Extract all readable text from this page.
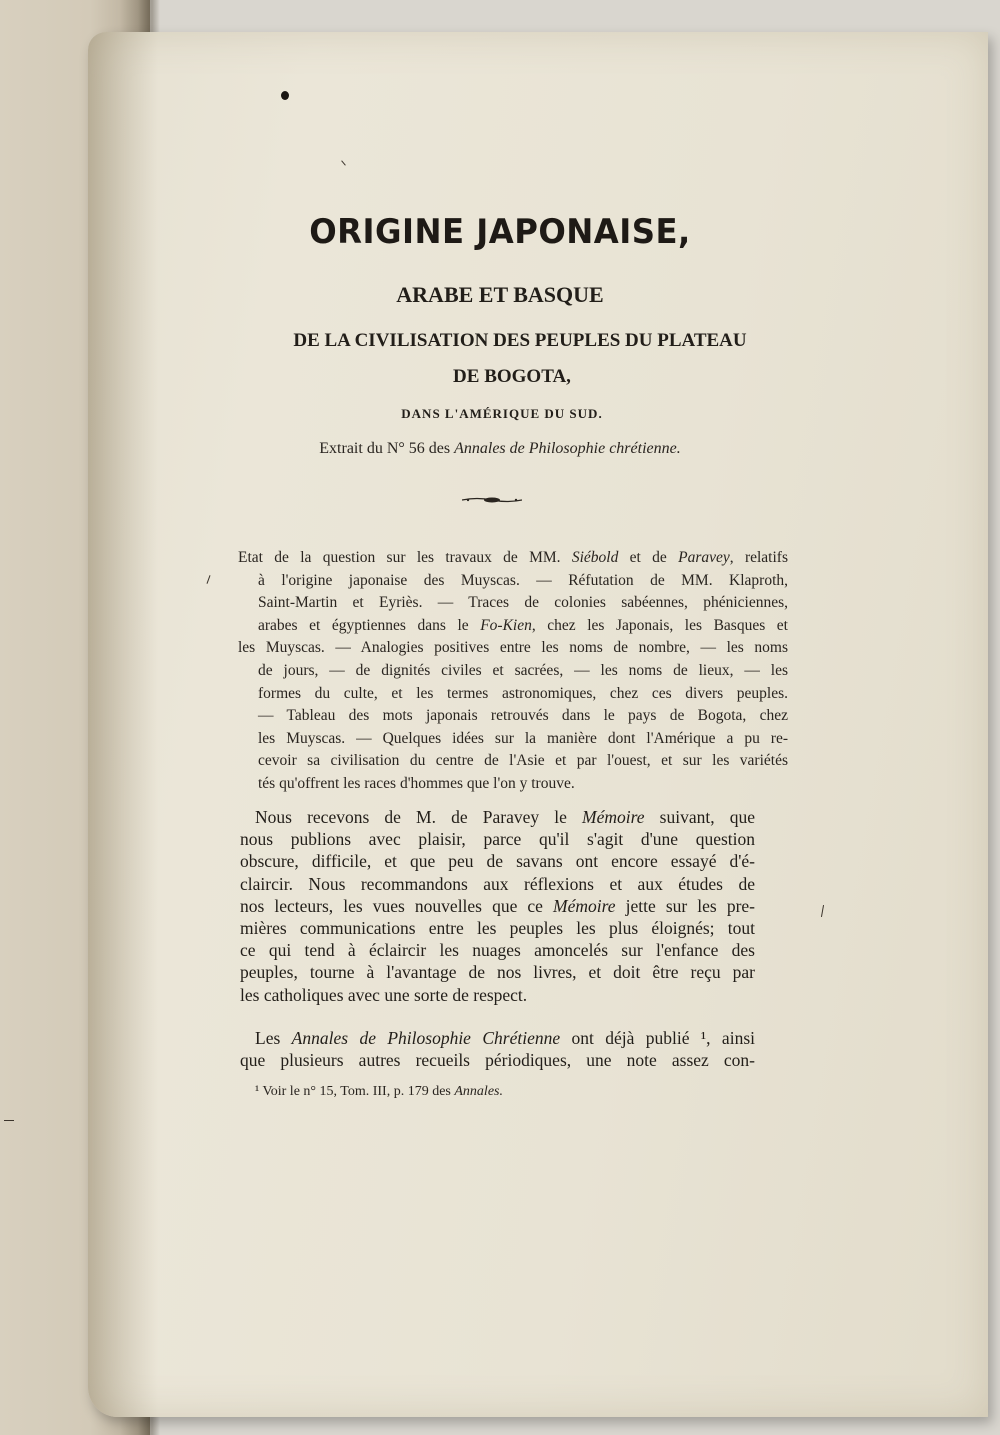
ORIGINE JAPONAISE,
ARABE ET BASQUE
DE LA CIVILISATION DES PEUPLES DU PLATEAU
DE BOGOTA,
DANS L'AMÉRIQUE DU SUD.
Extrait du N° 56 des Annales de Philosophie chrétienne.
Etat de la question sur les travaux de MM. Siébold et de Paravey, relatifs
à l'origine japonaise des Muyscas. — Réfutation de MM. Klaproth,
Saint-Martin et Eyriès. — Traces de colonies sabéennes, phéniciennes,
arabes et égyptiennes dans le Fo-Kien, chez les Japonais, les Basques et
les Muyscas. — Analogies positives entre les noms de nombre, — les noms
de jours, — de dignités civiles et sacrées, — les noms de lieux, — les
formes du culte, et les termes astronomiques, chez ces divers peuples.
— Tableau des mots japonais retrouvés dans le pays de Bogota, chez
les Muyscas. — Quelques idées sur la manière dont l'Amérique a pu re-
cevoir sa civilisation du centre de l'Asie et par l'ouest, et sur les variétés
tés qu'offrent les races d'hommes que l'on y trouve.
Nous recevons de M. de Paravey le Mémoire suivant, que
nous publions avec plaisir, parce qu'il s'agit d'une question
obscure, difficile, et que peu de savans ont encore essayé d'é-
claircir. Nous recommandons aux réflexions et aux études de
nos lecteurs, les vues nouvelles que ce Mémoire jette sur les pre-
mières communications entre les peuples les plus éloignés; tout
ce qui tend à éclaircir les nuages amoncelés sur l'enfance des
peuples, tourne à l'avantage de nos livres, et doit être reçu par
les catholiques avec une sorte de respect.
Les Annales de Philosophie Chrétienne ont déjà publié ¹, ainsi
que plusieurs autres recueils périodiques, une note assez con-
¹ Voir le n° 15, Tom. III, p. 179 des Annales.
